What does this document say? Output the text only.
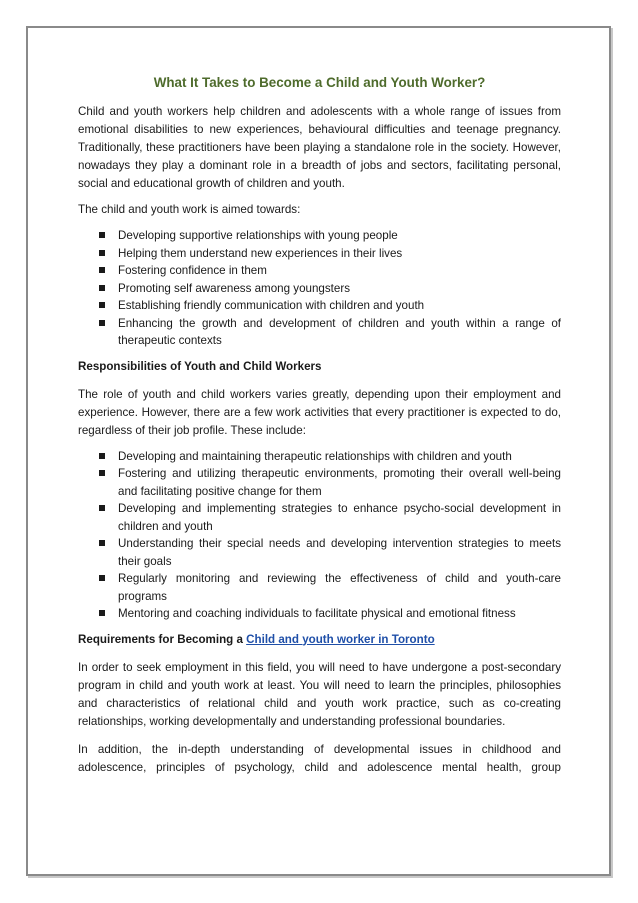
What It Takes to Become a Child and Youth Worker?

Child and youth workers help children and adolescents with a whole range of issues from emotional disabilities to new experiences, behavioural difficulties and teenage pregnancy. Traditionally, these practitioners have been playing a standalone role in the society. However, nowadays they play a dominant role in a breadth of jobs and sectors, facilitating personal, social and educational growth of children and youth.

The child and youth work is aimed towards:

Developing supportive relationships with young people
Helping them understand new experiences in their lives
Fostering confidence in them
Promoting self awareness among youngsters
Establishing friendly communication with children and youth
Enhancing the growth and development of children and youth within a range of therapeutic contexts
Responsibilities of Youth and Child Workers

The role of youth and child workers varies greatly, depending upon their employment and experience. However, there are a few work activities that every practitioner is expected to do, regardless of their job profile. These include:

Developing and maintaining therapeutic relationships with children and youth
Fostering and utilizing therapeutic environments, promoting their overall well-being and facilitating positive change for them
Developing and implementing strategies to enhance psycho-social development in children and youth
Understanding their special needs and developing intervention strategies to meets their goals
Regularly monitoring and reviewing the effectiveness of child and youth-care programs
Mentoring and coaching individuals to facilitate physical and emotional fitness
Requirements for Becoming a Child and youth worker in Toronto

In order to seek employment in this field, you will need to have undergone a post-secondary program in child and youth work at least. You will need to learn the principles, philosophies and characteristics of relational child and youth work practice, such as co-creating relationships, working developmentally and understanding professional boundaries.

In addition, the in-depth understanding of developmental issues in childhood and adolescence, principles of psychology, child and adolescence mental health, group
